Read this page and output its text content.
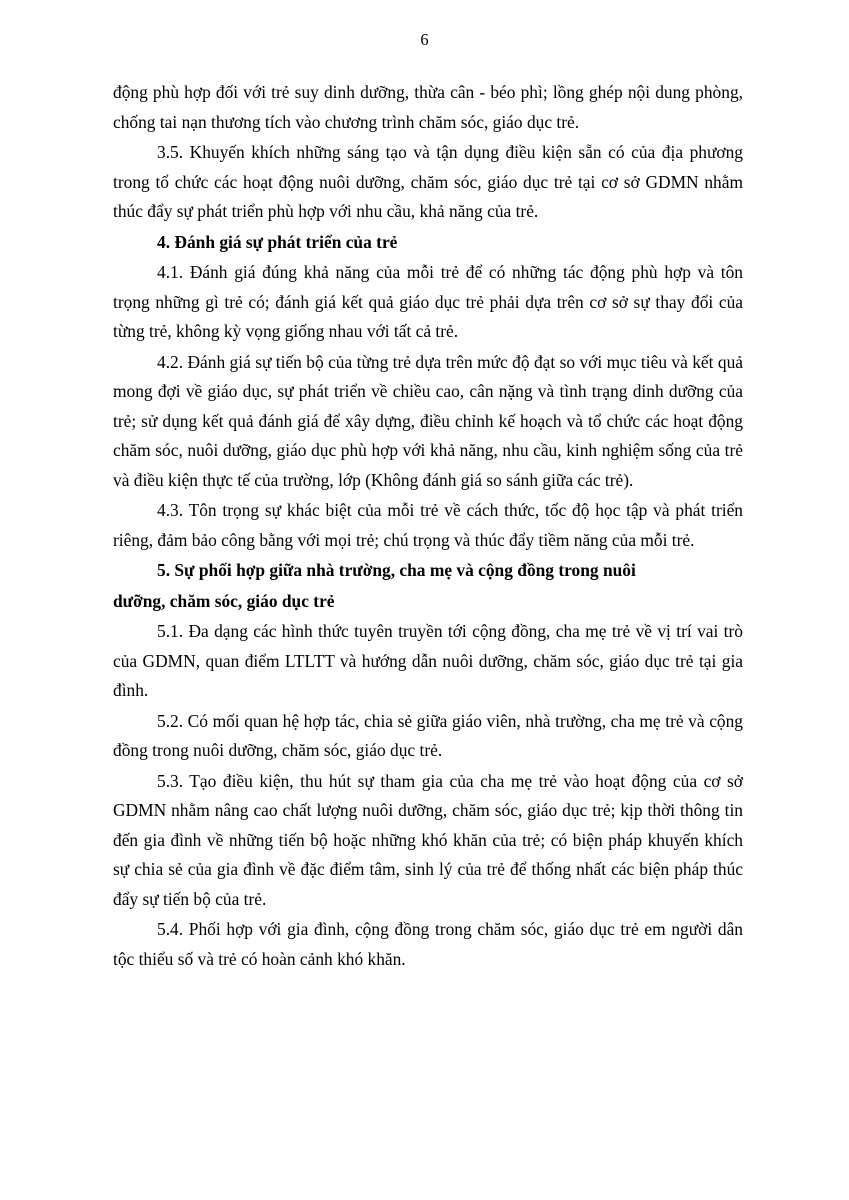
6

động phù hợp đối với trẻ suy dinh dưỡng, thừa cân - béo phì; lồng ghép nội dung phòng, chống tai nạn thương tích vào chương trình chăm sóc, giáo dục trẻ.

3.5. Khuyến khích những sáng tạo và tận dụng điều kiện sẵn có của địa phương trong tổ chức các hoạt động nuôi dưỡng, chăm sóc, giáo dục trẻ tại cơ sở GDMN nhằm thúc đẩy sự phát triển phù hợp với nhu cầu, khả năng của trẻ.

4. Đánh giá sự phát triển của trẻ

4.1. Đánh giá đúng khả năng của mỗi trẻ để có những tác động phù hợp và tôn trọng những gì trẻ có; đánh giá kết quả giáo dục trẻ phải dựa trên cơ sở sự thay đổi của từng trẻ, không kỳ vọng giống nhau với tất cả trẻ.

4.2. Đánh giá sự tiến bộ của từng trẻ dựa trên mức độ đạt so với mục tiêu và kết quả mong đợi về giáo dục, sự phát triển về chiều cao, cân nặng và tình trạng dinh dưỡng của trẻ; sử dụng kết quả đánh giá để xây dựng, điều chỉnh kế hoạch và tổ chức các hoạt động chăm sóc, nuôi dưỡng, giáo dục phù hợp với khả năng, nhu cầu, kinh nghiệm sống của trẻ và điều kiện thực tế của trường, lớp (Không đánh giá so sánh giữa các trẻ).

4.3. Tôn trọng sự khác biệt của mỗi trẻ về cách thức, tốc độ học tập và phát triển riêng, đảm bảo công bằng với mọi trẻ; chú trọng và thúc đẩy tiềm năng của mỗi trẻ.

5. Sự phối hợp giữa nhà trường, cha mẹ và cộng đồng trong nuôi

dưỡng, chăm sóc, giáo dục trẻ

5.1. Đa dạng các hình thức tuyên truyền tới cộng đồng, cha mẹ trẻ về vị trí vai trò của GDMN, quan điểm LTLTT và hướng dẫn nuôi dưỡng, chăm sóc, giáo dục trẻ tại gia đình.

5.2. Có mối quan hệ hợp tác, chia sẻ giữa giáo viên, nhà trường, cha mẹ trẻ và cộng đồng trong nuôi dưỡng, chăm sóc, giáo dục trẻ.

5.3. Tạo điều kiện, thu hút sự tham gia của cha mẹ trẻ vào hoạt động của cơ sở GDMN nhằm nâng cao chất lượng nuôi dưỡng, chăm sóc, giáo dục trẻ; kịp thời thông tin đến gia đình về những tiến bộ hoặc những khó khăn của trẻ; có biện pháp khuyến khích sự chia sẻ của gia đình về đặc điểm tâm, sinh lý của trẻ để thống nhất các biện pháp thúc đẩy sự tiến bộ của trẻ.

5.4. Phối hợp với gia đình, cộng đồng trong chăm sóc, giáo dục trẻ em người dân tộc thiểu số và trẻ có hoàn cảnh khó khăn.
